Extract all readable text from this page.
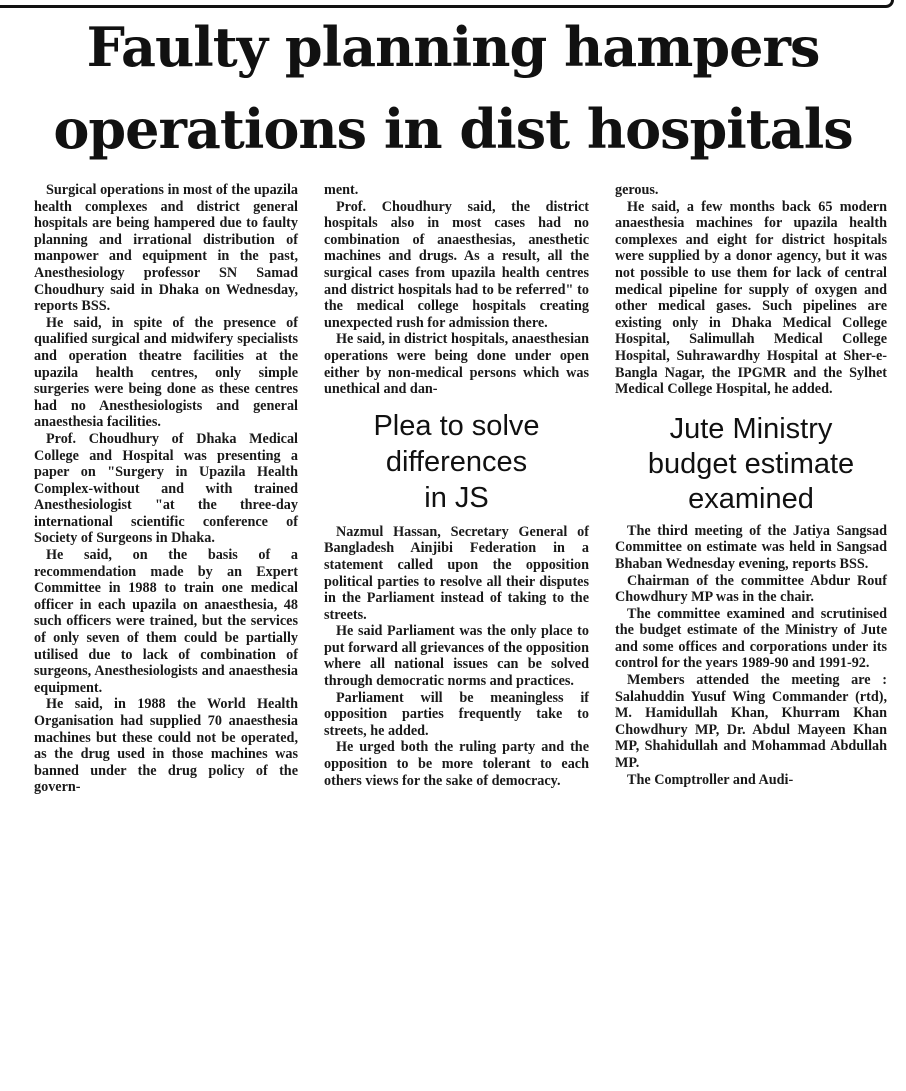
Faulty planning hampers
operations in dist hospitals

Surgical operations in most of the upazila health complexes and district general hospitals are being hampered due to faulty planning and irrational distribution of manpower and equipment in the past, Anesthesiology professor SN Samad Choudhury said in Dhaka on Wednesday, reports BSS.

He said, in spite of the presence of qualified surgical and midwifery specialists and operation theatre facilities at the upazila health centres, only simple surgeries were being done as these centres had no Anesthesiologists and general anaesthesia facilities.

Prof. Choudhury of Dhaka Medical College and Hospital was presenting a paper on "Surgery in Upazila Health Complex-without and with trained Anesthesiologist "at the three-day international scientific conference of Society of Surgeons in Dhaka.

He said, on the basis of a recommendation made by an Expert Committee in 1988 to train one medical officer in each upazila on anaesthesia, 48 such officers were trained, but the services of only seven of them could be partially utilised due to lack of combination of surgeons, Anesthesiologists and anaesthesia equipment.

He said, in 1988 the World Health Organisation had supplied 70 anaesthesia machines but these could not be operated, as the drug used in those machines was banned under the drug policy of the govern-

ment.

Prof. Choudhury said, the district hospitals also in most cases had no combination of anaesthesias, anesthetic machines and drugs. As a result, all the surgical cases from upazila health centres and district hospitals had to be referred" to the medical college hospitals creating unexpected rush for admission there.

He said, in district hospitals, anaesthesian operations were being done under open either by non-medical persons which was unethical and dan-

Plea to solve
differences
in JS

Nazmul Hassan, Secretary General of Bangladesh Ainjibi Federation in a statement called upon the opposition political parties to resolve all their disputes in the Parliament instead of taking to the streets.

He said Parliament was the only place to put forward all grievances of the opposition where all national issues can be solved through democratic norms and practices.

Parliament will be meaningless if opposition parties frequently take to streets, he added.

He urged both the ruling party and the opposition to be more tolerant to each others views for the sake of democracy.

gerous.

He said, a few months back 65 modern anaesthesia machines for upazila health complexes and eight for district hospitals were supplied by a donor agency, but it was not possible to use them for lack of central medical pipeline for supply of oxygen and other medical gases. Such pipelines are existing only in Dhaka Medical College Hospital, Salimullah Medical College Hospital, Suhrawardhy Hospital at Sher-e-Bangla Nagar, the IPGMR and the Sylhet Medical College Hospital, he added.

Jute Ministry
budget estimate
examined

The third meeting of the Jatiya Sangsad Committee on estimate was held in Sangsad Bhaban Wednesday evening, reports BSS.

Chairman of the committee Abdur Rouf Chowdhury MP was in the chair.

The committee examined and scrutinised the budget estimate of the Ministry of Jute and some offices and corporations under its control for the years 1989-90 and 1991-92.

Members attended the meeting are : Salahuddin Yusuf Wing Commander (rtd), M. Hamidullah Khan, Khurram Khan Chowdhury MP, Dr. Abdul Mayeen Khan MP, Shahidullah and Mohammad Abdullah MP.

The Comptroller and Audi-
